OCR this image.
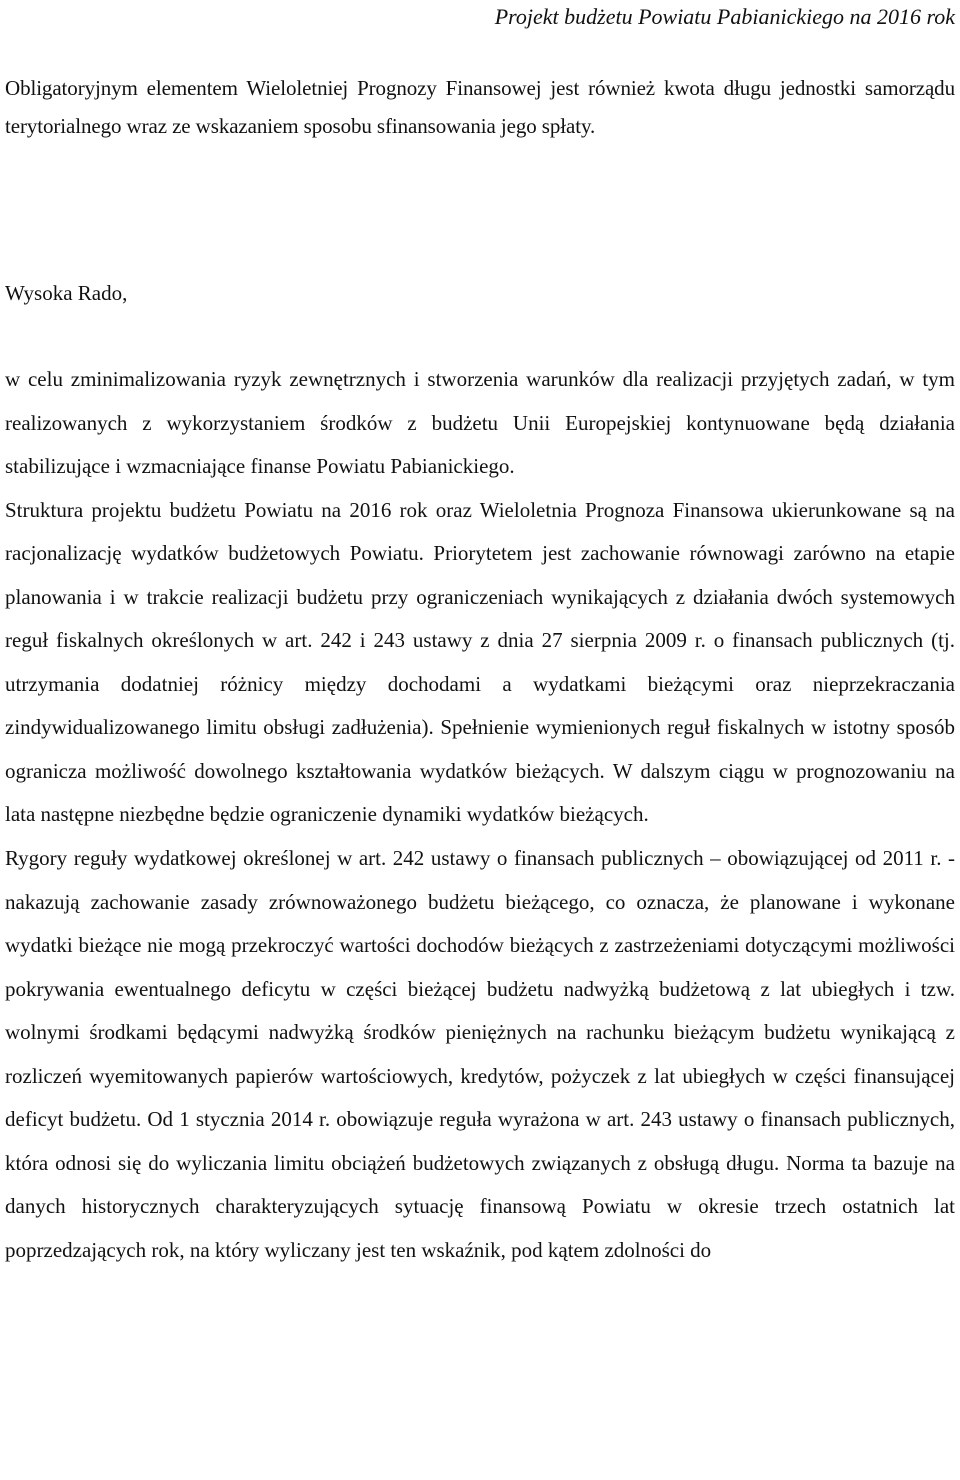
Projekt budżetu Powiatu Pabianickiego na 2016 rok
Obligatoryjnym elementem Wieloletniej Prognozy Finansowej jest również kwota długu jednostki samorządu terytorialnego wraz ze wskazaniem sposobu sfinansowania jego spłaty.
Wysoka Rado,

w celu zminimalizowania ryzyk zewnętrznych i stworzenia warunków dla realizacji przyjętych zadań, w tym realizowanych z wykorzystaniem środków z budżetu Unii Europejskiej kontynuowane będą działania stabilizujące i wzmacniające finanse Powiatu Pabianickiego.

Struktura projektu budżetu Powiatu na 2016 rok oraz Wieloletnia Prognoza Finansowa ukierunkowane są na racjonalizację wydatków budżetowych Powiatu. Priorytetem jest zachowanie równowagi zarówno na etapie planowania i w trakcie realizacji budżetu przy ograniczeniach wynikających z działania dwóch systemowych reguł fiskalnych określonych w art. 242 i 243 ustawy z dnia 27 sierpnia 2009 r. o finansach publicznych (tj. utrzymania dodatniej różnicy między dochodami a wydatkami bieżącymi oraz nieprzekraczania zindywidualizowanego limitu obsługi zadłużenia). Spełnienie wymienionych reguł fiskalnych w istotny sposób ogranicza możliwość dowolnego kształtowania wydatków bieżących. W dalszym ciągu w prognozowaniu na lata następne niezbędne będzie ograniczenie dynamiki wydatków bieżących.

Rygory reguły wydatkowej określonej w art. 242 ustawy o finansach publicznych – obowiązującej od 2011 r. - nakazują zachowanie zasady zrównoważonego budżetu bieżącego, co oznacza, że planowane i wykonane wydatki bieżące nie mogą przekroczyć wartości dochodów bieżących z zastrzeżeniami dotyczącymi możliwości pokrywania ewentualnego deficytu w części bieżącej budżetu nadwyżką budżetową z lat ubiegłych i tzw. wolnymi środkami będącymi nadwyżką środków pieniężnych na rachunku bieżącym budżetu wynikającą z rozliczeń wyemitowanych papierów wartościowych, kredytów, pożyczek z lat ubiegłych w części finansującej deficyt budżetu. Od 1 stycznia 2014 r. obowiązuje reguła wyrażona w art. 243 ustawy o finansach publicznych, która odnosi się do wyliczania limitu obciążeń budżetowych związanych z obsługą długu. Norma ta bazuje na danych historycznych charakteryzujących sytuację finansową Powiatu w okresie trzech ostatnich lat poprzedzających rok, na który wyliczany jest ten wskaźnik, pod kątem zdolności do
